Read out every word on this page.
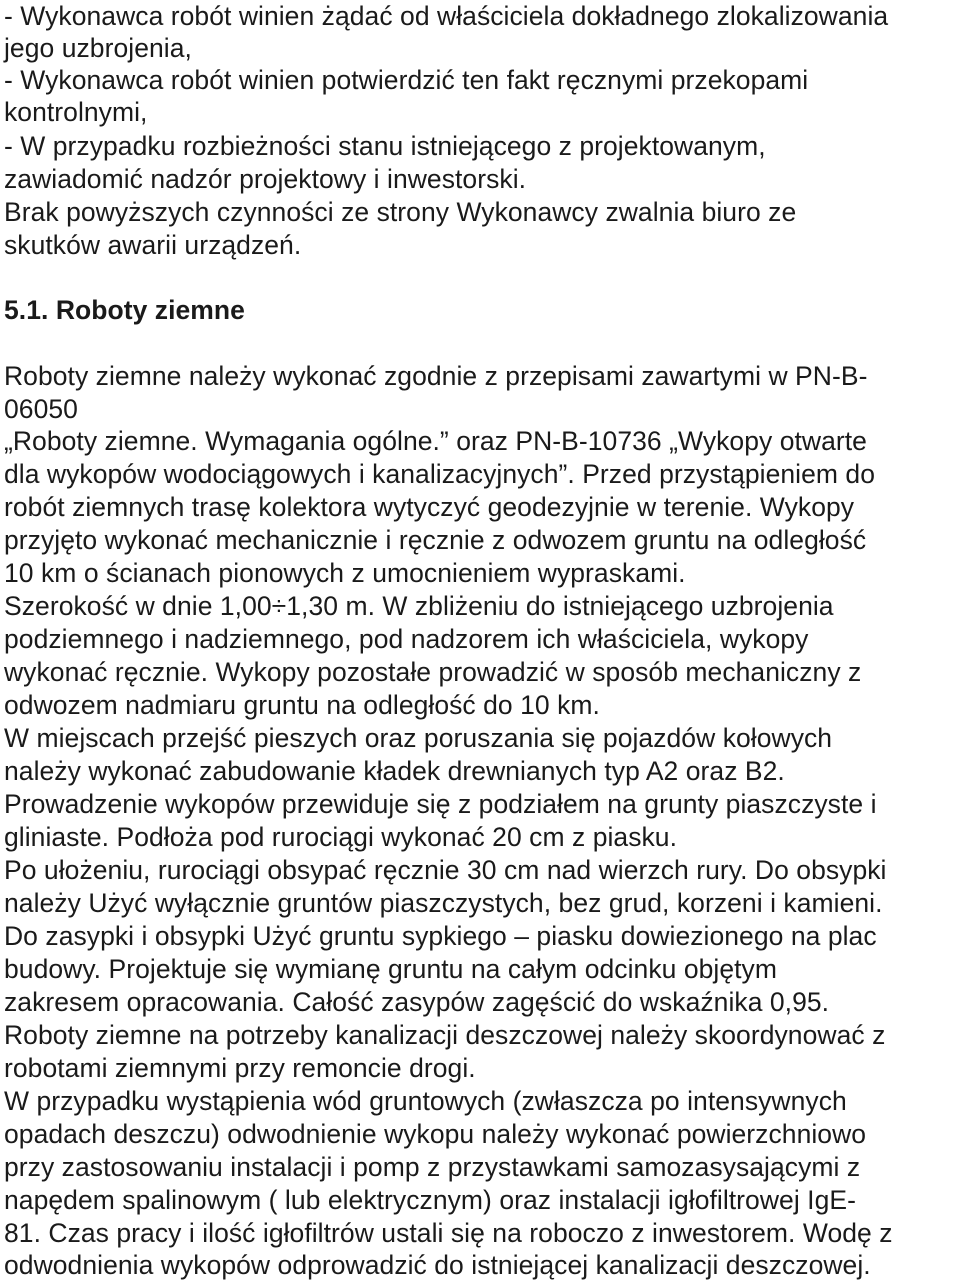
- Wykonawca robót winien żądać od właściciela dokładnego zlokalizowania
jego uzbrojenia,
- Wykonawca robót winien potwierdzić ten fakt ręcznymi przekopami
kontrolnymi,
- W przypadku rozbieżności stanu istniejącego z projektowanym,
zawiadomić nadzór projektowy i inwestorski.
Brak powyższych czynności ze strony Wykonawcy zwalnia biuro ze
skutków awarii urządzeń.
5.1. Roboty ziemne
Roboty ziemne należy wykonać zgodnie z przepisami zawartymi w PN-B-
06050
„Roboty ziemne. Wymagania ogólne.” oraz PN-B-10736 „Wykopy otwarte
dla wykopów wodociągowych i kanalizacyjnych”. Przed przystąpieniem do
robót ziemnych trasę kolektora wytyczyć geodezyjnie w terenie. Wykopy
przyjęto wykonać mechanicznie i ręcznie z odwozem gruntu na odległość
10 km o ścianach pionowych z umocnieniem wypraskami.
Szerokość w dnie 1,00÷1,30 m. W zbliżeniu do istniejącego uzbrojenia
podziemnego i nadziemnego, pod nadzorem ich właściciela, wykopy
wykonać ręcznie. Wykopy pozostałe prowadzić w sposób mechaniczny z
odwozem nadmiaru gruntu na odległość do 10 km.
W miejscach przejść pieszych oraz poruszania się pojazdów kołowych
należy wykonać zabudowanie kładek drewnianych typ A2 oraz B2.
Prowadzenie wykopów przewiduje się z podziałem na grunty piaszczyste i
gliniaste. Podłoża pod rurociągi wykonać 20 cm z piasku.
Po ułożeniu, rurociągi obsypać ręcznie 30 cm nad wierzch rury. Do obsypki
należy Użyć wyłącznie gruntów piaszczystych, bez grud, korzeni i kamieni.
Do zasypki i obsypki Użyć gruntu sypkiego – piasku dowiezionego na plac
budowy. Projektuje się wymianę gruntu na całym odcinku objętym
zakresem opracowania. Całość zasypów zagęścić do wskaźnika 0,95.
Roboty ziemne na potrzeby kanalizacji deszczowej należy skoordynować z
robotami ziemnymi przy remoncie drogi.
W przypadku wystąpienia wód gruntowych (zwłaszcza po intensywnych
opadach deszczu) odwodnienie wykopu należy wykonać powierzchniowo
przy zastosowaniu instalacji i pomp z przystawkami samozasysającymi z
napędem spalinowym ( lub elektrycznym) oraz instalacji igłofiltrowej IgE-
81. Czas pracy i ilość igłofiltrów ustali się na roboczo z inwestorem. Wodę z
odwodnienia wykopów odprowadzić do istniejącej kanalizacji deszczowej.
